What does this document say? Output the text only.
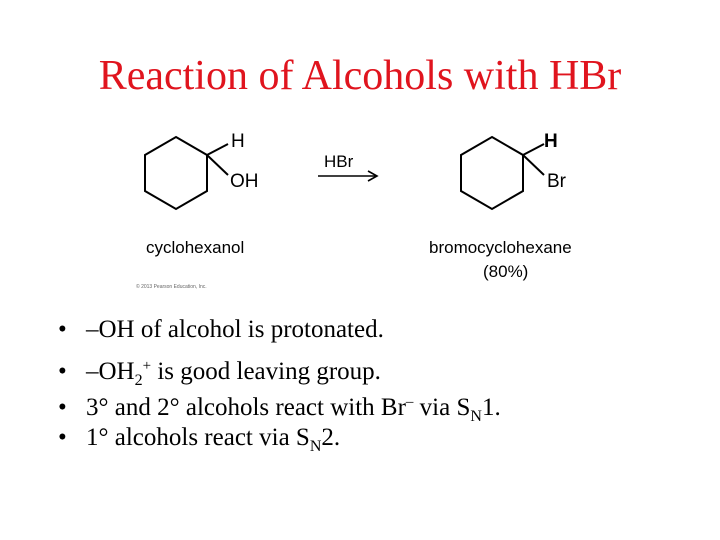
Reaction of Alcohols with HBr
H
OH
cyclohexanol
© 2013 Pearson Education, Inc.
HBr
H
Br
bromocyclohexane
(80%)
• –OH of alcohol is protonated.
• $-OH_2^+$ is good leaving group.
• 3° and 2° alcohols react with Br– via $S_N1$.
• 1° alcohols react via $S_N2$.
